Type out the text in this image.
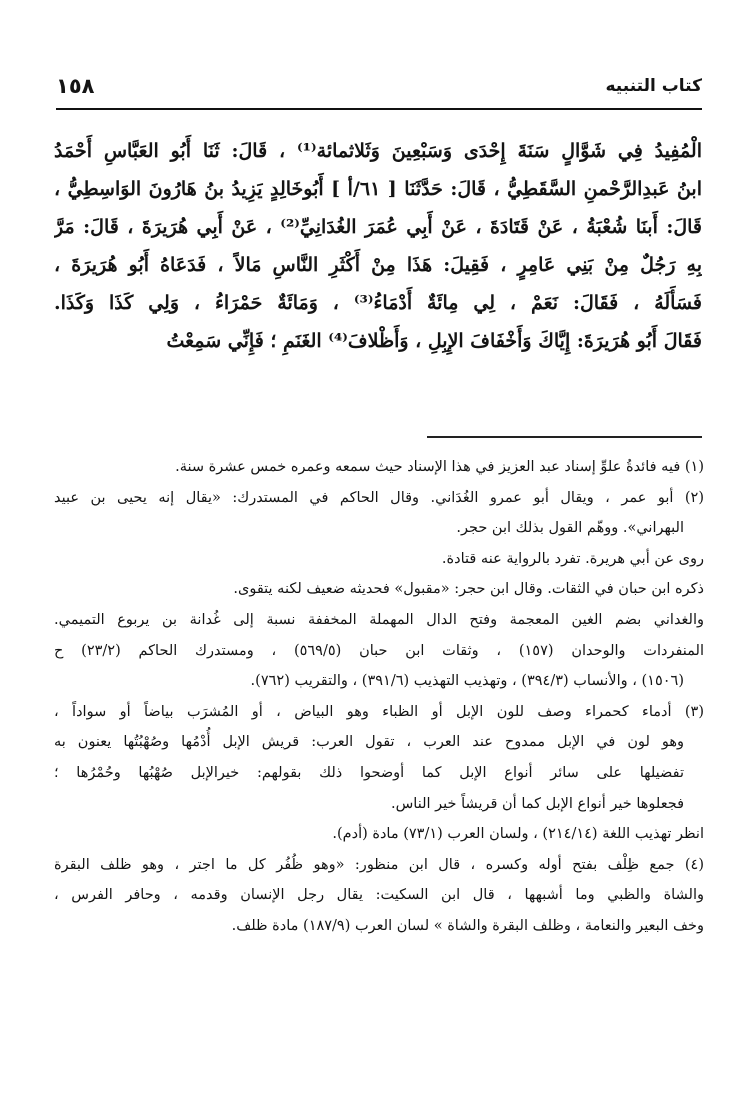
كتاب التنبيه
١٥٨
الْمُفِيدُ فِي شَوَّالٍ سَنَةَ إِحْدَى وَسَبْعِينَ وَثَلاثمائة⁽¹⁾ ، قَالَ: ثَنَا أَبُو العَبَّاسِ أَحْمَدُ
ابنُ عَبدِالرَّحْمنِ السَّقَطِيُّ ، قَالَ: حَدَّثَنَا [ ٦١/أ ] أَبُوخَالِدٍ يَزِيدُ بنُ هَارُونَ الوَاسِطِيُّ ،
قَالَ: أَبنَا شُعْبَةُ ، عَنْ قَتَادَةَ ، عَنْ أَبِي عُمَرَ الغُدَانِيِّ⁽²⁾ ، عَنْ أَبِي هُرَيرَةَ ، قَالَ: مَرَّ
بِهِ رَجُلٌ مِنْ بَنِي عَامِرٍ ، فَقِيلَ: هَذَا مِنْ أَكْثَرِ النَّاسِ مَالاً ، فَدَعَاهُ أَبُو هُرَيرَةَ ،
فَسَأَلَهُ ، فَقَالَ: نَعَمْ ، لِي مِائَةٌ أَدْمَاءُ⁽³⁾ ، وَمَائَةٌ حَمْرَاءُ ، وَلِي كَذَا وَكَذَا.
فَقَالَ أَبُو هُرَيرَةَ: إِيَّاكَ وَأَخْفَافَ الإِبِلِ ، وَأَظْلافَ⁽⁴⁾ الغَنَمِ ؛ فَإِنِّي سَمِعْتُ
(١) فيه فائدةُ علوِّ إسناد عبد العزيز في هذا الإسناد حيث سمعه وعمره خمس عشرة سنة.
(٢) أبو عمر ، ويقال أبو عمرو الغُدَاني. وقال الحاكم في المستدرك: «يقال إنه يحيى بن عبيد
البهراني». ووهّم القول بذلك ابن حجر.
روى عن أبي هريرة. تفرد بالرواية عنه قتادة.
ذكره ابن حبان في الثقات. وقال ابن حجر: «مقبول» فحديثه ضعيف لكنه يتقوى.
والغداني بضم الغين المعجمة وفتح الدال المهملة المخففة نسبة إلى غُدانة بن يربوع التميمي.
المنفردات والوحدان (١٥٧) ، وثقات ابن حبان (٥٦٩/٥) ، ومستدرك الحاكم (٢٣/٢) ح
(١٥٠٦) ، والأنساب (٣٩٤/٣) ، وتهذيب التهذيب (٣٩١/٦) ، والتقريب (٧٦٢).
(٣) أدماء كحمراء وصف للون الإبل أو الظباء وهو البياض ، أو المُشرَب بياضاً أو سواداً ،
وهو لون في الإبل ممدوح عند العرب ، تقول العرب: قريش الإبل أُدْمُها وصُهْبُتُها يعنون به
تفضيلها على سائر أنواع الإبل كما أوضحوا ذلك بقولهم: خيرالإبل صُهْبُها وحُمْرُها ؛
فجعلوها خير أنواع الإبل كما أن قريشاً خير الناس.
انظر تهذيب اللغة (٢١٤/١٤) ، ولسان العرب (٧٣/١) مادة (أدم).
(٤) جمع ظِلْف بفتح أوله وكسره ، قال ابن منظور: «وهو ظُفُر كل ما اجتر ، وهو ظلف البقرة
والشاة والظبي وما أشبهها ، قال ابن السكيت: يقال رجل الإنسان وقدمه ، وحافر الفرس ،
وخف البعير والنعامة ، وظلف البقرة والشاة » لسان العرب (١٨٧/٩) مادة ظلف.
